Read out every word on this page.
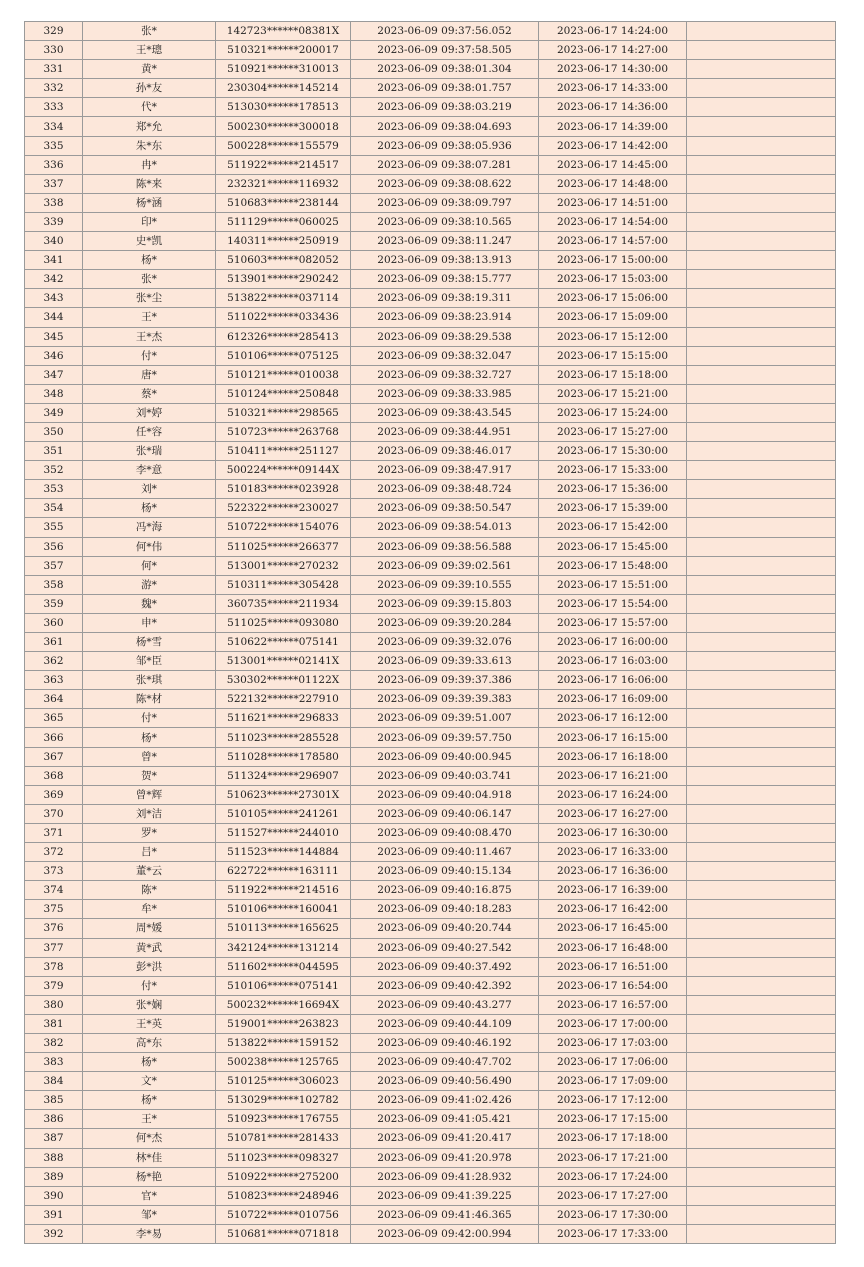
329	张*	142723******08381X	2023-06-09 09:37:56.052	2023-06-17 14:24:00	
330	王*璁	510321******200017	2023-06-09 09:37:58.505	2023-06-17 14:27:00	
331	黄*	510921******310013	2023-06-09 09:38:01.304	2023-06-17 14:30:00	
332	孙*友	230304******145214	2023-06-09 09:38:01.757	2023-06-17 14:33:00	
333	代*	513030******178513	2023-06-09 09:38:03.219	2023-06-17 14:36:00	
334	郑*允	500230******300018	2023-06-09 09:38:04.693	2023-06-17 14:39:00	
335	朱*东	500228******155579	2023-06-09 09:38:05.936	2023-06-17 14:42:00	
336	冉*	511922******214517	2023-06-09 09:38:07.281	2023-06-17 14:45:00	
337	陈*来	232321******116932	2023-06-09 09:38:08.622	2023-06-17 14:48:00	
338	杨*涵	510683******238144	2023-06-09 09:38:09.797	2023-06-17 14:51:00	
339	印*	511129******060025	2023-06-09 09:38:10.565	2023-06-17 14:54:00	
340	史*凯	140311******250919	2023-06-09 09:38:11.247	2023-06-17 14:57:00	
341	杨*	510603******082052	2023-06-09 09:38:13.913	2023-06-17 15:00:00	
342	张*	513901******290242	2023-06-09 09:38:15.777	2023-06-17 15:03:00	
343	张*尘	513822******037114	2023-06-09 09:38:19.311	2023-06-17 15:06:00	
344	王*	511022******033436	2023-06-09 09:38:23.914	2023-06-17 15:09:00	
345	王*杰	612326******285413	2023-06-09 09:38:29.538	2023-06-17 15:12:00	
346	付*	510106******075125	2023-06-09 09:38:32.047	2023-06-17 15:15:00	
347	唐*	510121******010038	2023-06-09 09:38:32.727	2023-06-17 15:18:00	
348	蔡*	510124******250848	2023-06-09 09:38:33.985	2023-06-17 15:21:00	
349	刘*婷	510321******298565	2023-06-09 09:38:43.545	2023-06-17 15:24:00	
350	任*容	510723******263768	2023-06-09 09:38:44.951	2023-06-17 15:27:00	
351	张*瑞	510411******251127	2023-06-09 09:38:46.017	2023-06-17 15:30:00	
352	李*意	500224******09144X	2023-06-09 09:38:47.917	2023-06-17 15:33:00	
353	刘*	510183******023928	2023-06-09 09:38:48.724	2023-06-17 15:36:00	
354	杨*	522322******230027	2023-06-09 09:38:50.547	2023-06-17 15:39:00	
355	冯*海	510722******154076	2023-06-09 09:38:54.013	2023-06-17 15:42:00	
356	何*伟	511025******266377	2023-06-09 09:38:56.588	2023-06-17 15:45:00	
357	何*	513001******270232	2023-06-09 09:39:02.561	2023-06-17 15:48:00	
358	游*	510311******305428	2023-06-09 09:39:10.555	2023-06-17 15:51:00	
359	魏*	360735******211934	2023-06-09 09:39:15.803	2023-06-17 15:54:00	
360	申*	511025******093080	2023-06-09 09:39:20.284	2023-06-17 15:57:00	
361	杨*雪	510622******075141	2023-06-09 09:39:32.076	2023-06-17 16:00:00	
362	邹*臣	513001******02141X	2023-06-09 09:39:33.613	2023-06-17 16:03:00	
363	张*琪	530302******01122X	2023-06-09 09:39:37.386	2023-06-17 16:06:00	
364	陈*材	522132******227910	2023-06-09 09:39:39.383	2023-06-17 16:09:00	
365	付*	511621******296833	2023-06-09 09:39:51.007	2023-06-17 16:12:00	
366	杨*	511023******285528	2023-06-09 09:39:57.750	2023-06-17 16:15:00	
367	曾*	511028******178580	2023-06-09 09:40:00.945	2023-06-17 16:18:00	
368	贺*	511324******296907	2023-06-09 09:40:03.741	2023-06-17 16:21:00	
369	曾*辉	510623******27301X	2023-06-09 09:40:04.918	2023-06-17 16:24:00	
370	刘*洁	510105******241261	2023-06-09 09:40:06.147	2023-06-17 16:27:00	
371	罗*	511527******244010	2023-06-09 09:40:08.470	2023-06-17 16:30:00	
372	吕*	511523******144884	2023-06-09 09:40:11.467	2023-06-17 16:33:00	
373	董*云	622722******163111	2023-06-09 09:40:15.134	2023-06-17 16:36:00	
374	陈*	511922******214516	2023-06-09 09:40:16.875	2023-06-17 16:39:00	
375	牟*	510106******160041	2023-06-09 09:40:18.283	2023-06-17 16:42:00	
376	周*媛	510113******165625	2023-06-09 09:40:20.744	2023-06-17 16:45:00	
377	黄*武	342124******131214	2023-06-09 09:40:27.542	2023-06-17 16:48:00	
378	彭*洪	511602******044595	2023-06-09 09:40:37.492	2023-06-17 16:51:00	
379	付*	510106******075141	2023-06-09 09:40:42.392	2023-06-17 16:54:00	
380	张*娴	500232******16694X	2023-06-09 09:40:43.277	2023-06-17 16:57:00	
381	王*英	519001******263823	2023-06-09 09:40:44.109	2023-06-17 17:00:00	
382	高*东	513822******159152	2023-06-09 09:40:46.192	2023-06-17 17:03:00	
383	杨*	500238******125765	2023-06-09 09:40:47.702	2023-06-17 17:06:00	
384	文*	510125******306023	2023-06-09 09:40:56.490	2023-06-17 17:09:00	
385	杨*	513029******102782	2023-06-09 09:41:02.426	2023-06-17 17:12:00	
386	王*	510923******176755	2023-06-09 09:41:05.421	2023-06-17 17:15:00	
387	何*杰	510781******281433	2023-06-09 09:41:20.417	2023-06-17 17:18:00	
388	林*佳	511023******098327	2023-06-09 09:41:20.978	2023-06-17 17:21:00	
389	杨*艳	510922******275200	2023-06-09 09:41:28.932	2023-06-17 17:24:00	
390	官*	510823******248946	2023-06-09 09:41:39.225	2023-06-17 17:27:00	
391	邹*	510722******010756	2023-06-09 09:41:46.365	2023-06-17 17:30:00	
392	李*易	510681******071818	2023-06-09 09:42:00.994	2023-06-17 17:33:00	
